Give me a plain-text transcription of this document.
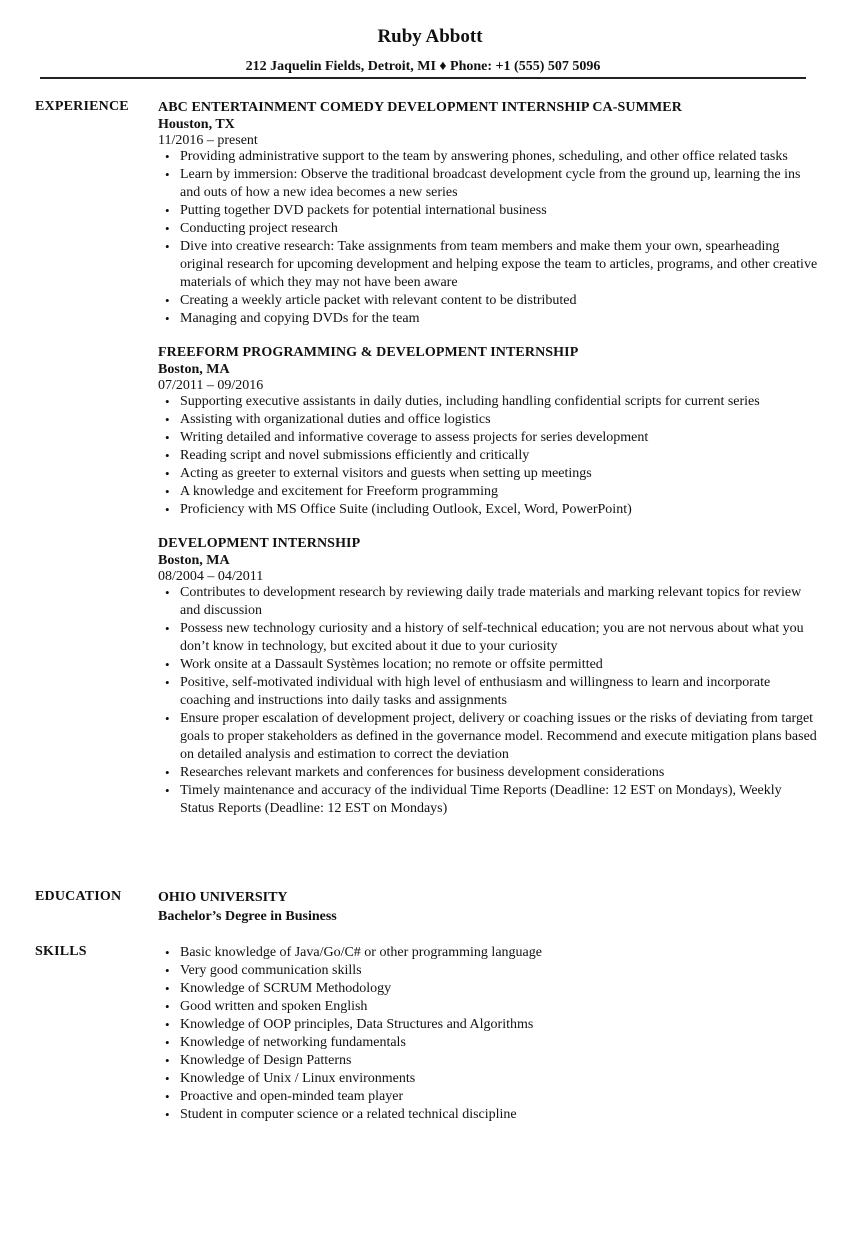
Ruby Abbott
212 Jaquelin Fields, Detroit, MI ♦ Phone: +1 (555) 507 5096
EXPERIENCE ABC ENTERTAINMENT COMEDY DEVELOPMENT INTERNSHIP CA-SUMMER
Houston, TX
11/2016 – present
• Providing administrative support to the team by answering phones, scheduling, and other office related tasks
• Learn by immersion: Observe the traditional broadcast development cycle from the ground up, learning the ins and outs of how a new idea becomes a new series
• Putting together DVD packets for potential international business
• Conducting project research
• Dive into creative research: Take assignments from team members and make them your own, spearheading original research for upcoming development and helping expose the team to articles, programs, and other creative materials of which they may not have been aware
• Creating a weekly article packet with relevant content to be distributed
• Managing and copying DVDs for the team
FREEFORM PROGRAMMING & DEVELOPMENT INTERNSHIP
Boston, MA
07/2011 – 09/2016
• Supporting executive assistants in daily duties, including handling confidential scripts for current series
• Assisting with organizational duties and office logistics
• Writing detailed and informative coverage to assess projects for series development
• Reading script and novel submissions efficiently and critically
• Acting as greeter to external visitors and guests when setting up meetings
• A knowledge and excitement for Freeform programming
• Proficiency with MS Office Suite (including Outlook, Excel, Word, PowerPoint)
DEVELOPMENT INTERNSHIP
Boston, MA
08/2004 – 04/2011
• Contributes to development research by reviewing daily trade materials and marking relevant topics for review and discussion
• Possess new technology curiosity and a history of self-technical education; you are not nervous about what you don’t know in technology, but excited about it due to your curiosity
• Work onsite at a Dassault Systèmes location; no remote or offsite permitted
• Positive, self-motivated individual with high level of enthusiasm and willingness to learn and incorporate coaching and instructions into daily tasks and assignments
• Ensure proper escalation of development project, delivery or coaching issues or the risks of deviating from target goals to proper stakeholders as defined in the governance model. Recommend and execute mitigation plans based on detailed analysis and estimation to correct the deviation
• Researches relevant markets and conferences for business development considerations
• Timely maintenance and accuracy of the individual Time Reports (Deadline: 12 EST on Mondays), Weekly Status Reports (Deadline: 12 EST on Mondays)
EDUCATION	OHIO UNIVERSITY
Bachelor’s Degree in Business
SKILLS
•	Basic knowledge of Java/Go/C# or other programming language
• Very good communication skills
• Knowledge of SCRUM Methodology
• Good written and spoken English
• Knowledge of OOP principles, Data Structures and Algorithms
• Knowledge of networking fundamentals
• Knowledge of Design Patterns
• Knowledge of Unix / Linux environments
• Proactive and open-minded team player
• Student in computer science or a related technical discipline
